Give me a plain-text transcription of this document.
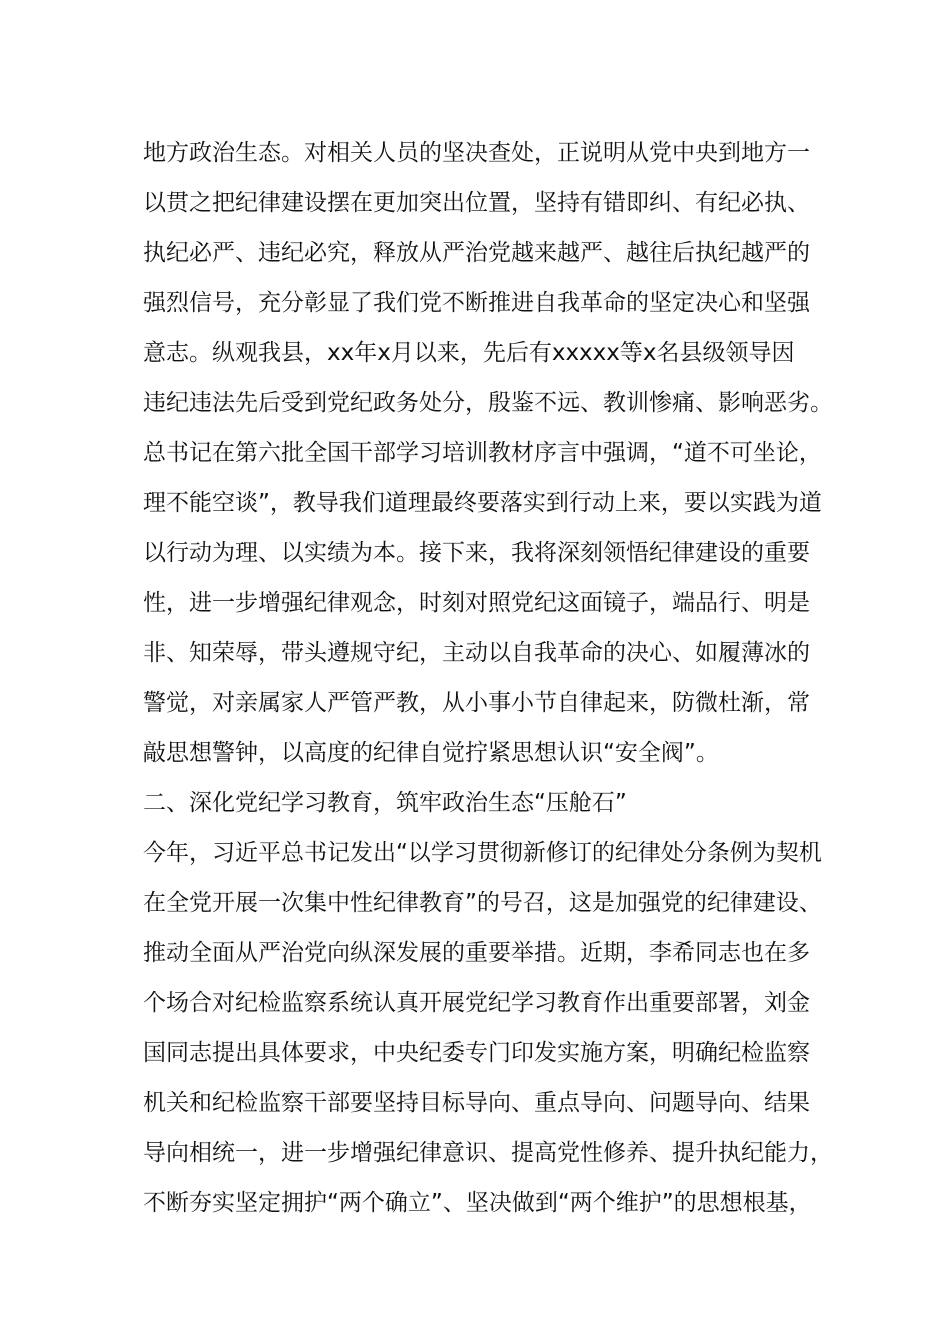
地方政治生态。对相关人员的坚决查处，正说明从党中央到地方一
以贯之把纪律建设摆在更加突出位置，坚持有错即纠、有纪必执、
执纪必严、违纪必究，释放从严治党越来越严、越往后执纪越严的
强烈信号，充分彰显了我们党不断推进自我革命的坚定决心和坚强
意志。纵观我县，xx年x月以来，先后有xxxxx等x名县级领导因
违纪违法先后受到党纪政务处分，殷鉴不远、教训惨痛、影响恶劣。
总书记在第六批全国干部学习培训教材序言中强调，“道不可坐论，
理不能空谈”，教导我们道理最终要落实到行动上来，要以实践为道
以行动为理、以实绩为本。接下来，我将深刻领悟纪律建设的重要
性，进一步增强纪律观念，时刻对照党纪这面镜子，端品行、明是
非、知荣辱，带头遵规守纪，主动以自我革命的决心、如履薄冰的
警觉，对亲属家人严管严教，从小事小节自律起来，防微杜渐，常
敲思想警钟，以高度的纪律自觉拧紧思想认识“安全阀”。
二、深化党纪学习教育，筑牢政治生态“压舱石”
今年，习近平总书记发出“以学习贯彻新修订的纪律处分条例为契机
在全党开展一次集中性纪律教育”的号召，这是加强党的纪律建设、
推动全面从严治党向纵深发展的重要举措。近期，李希同志也在多
个场合对纪检监察系统认真开展党纪学习教育作出重要部署，刘金
国同志提出具体要求，中央纪委专门印发实施方案，明确纪检监察
机关和纪检监察干部要坚持目标导向、重点导向、问题导向、结果
导向相统一，进一步增强纪律意识、提高党性修养、提升执纪能力，
不断夯实坚定拥护“两个确立”、坚决做到“两个维护”的思想根基，
